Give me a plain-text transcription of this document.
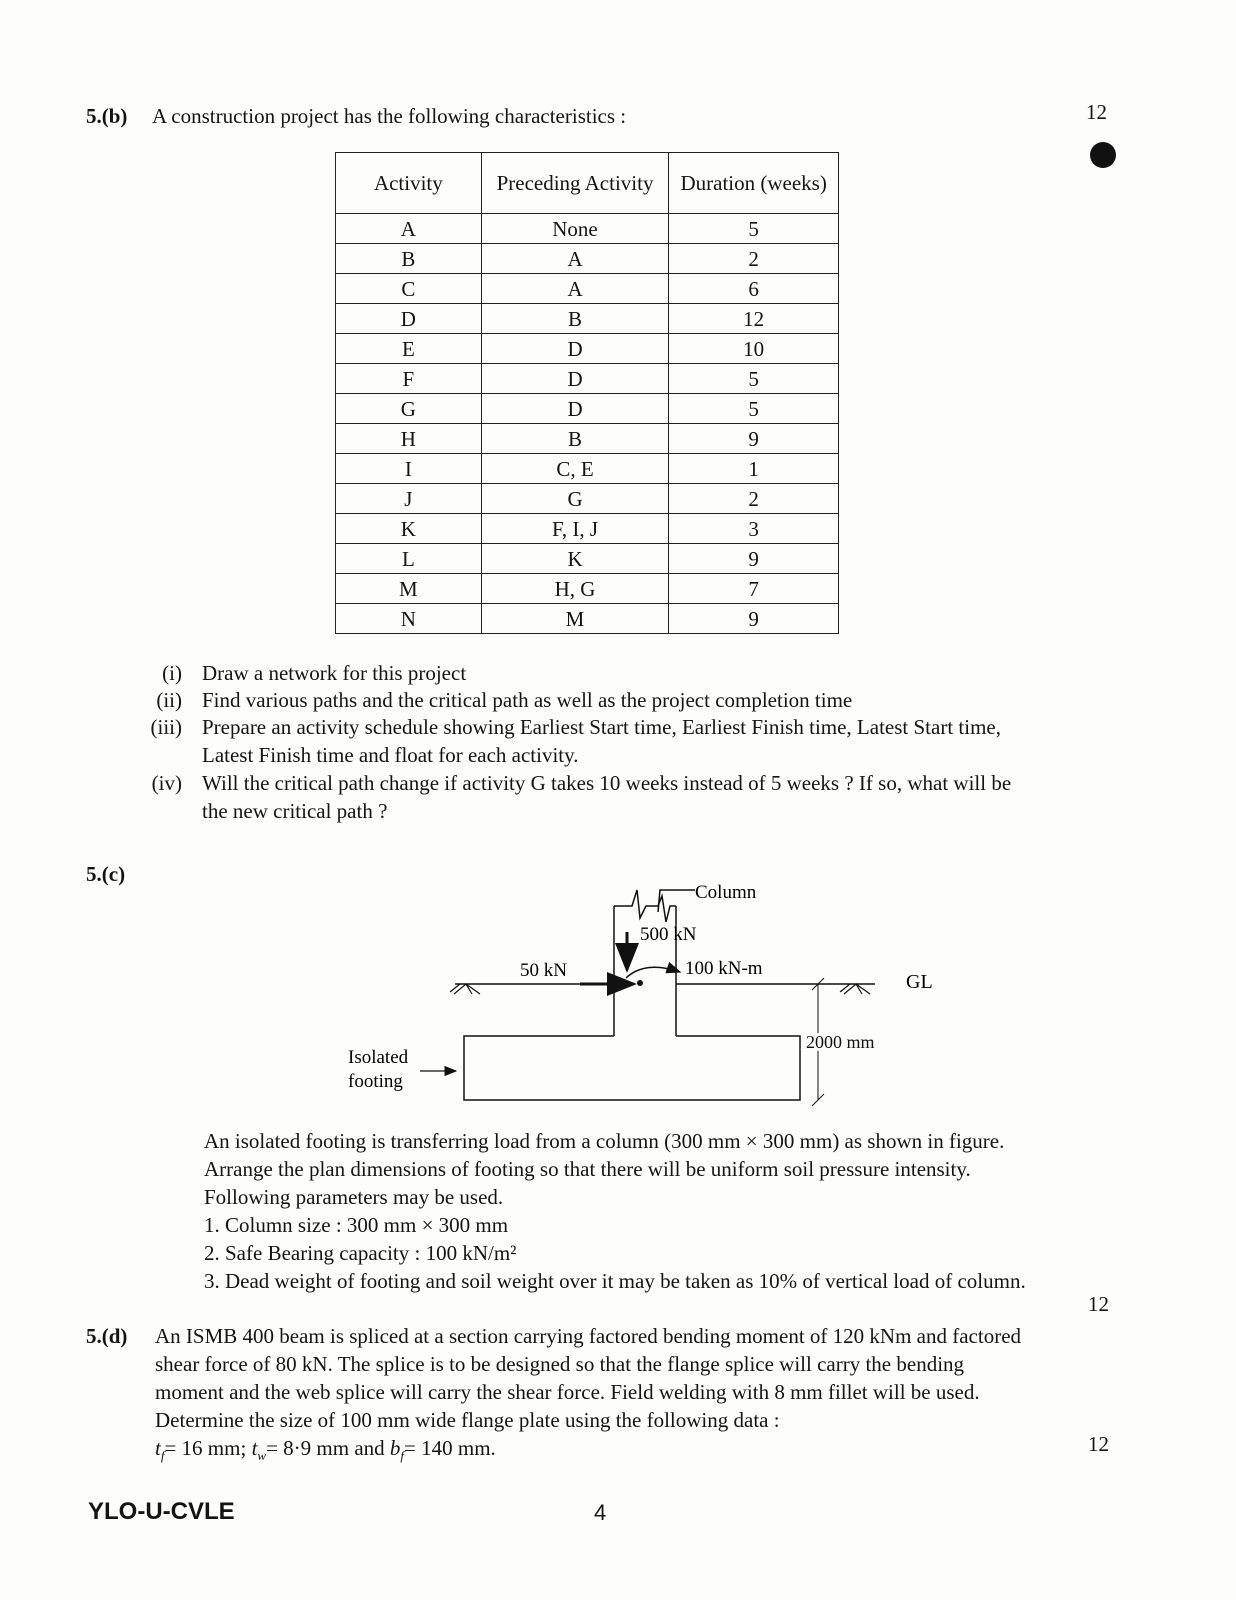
5.(b) A construction project has the following characteristics :	12
Activity	Preceding Activity	Duration (weeks)
A	None	5
B	A	2
C	A	6
D	B	12
E	D	10
F	D	5
G	D	5
H	B	9
I	C, E	1
J	G	2
K	F, I, J	3
L	K	9
M	H, G	7
N	M	9
(i) Draw a network for this project
(ii) Find various paths and the critical path as well as the project completion time
(iii) Prepare an activity schedule showing Earliest Start time, Earliest Finish time, Latest Start time,
Latest Finish time and float for each activity.
(iv) Will the critical path change if activity G takes 10 weeks instead of 5 weeks ? If so, what will be
the new critical path ?
5.(c)
Column
500 kN
GL
50 kN	100 kN-m
2000 mm
Isolated
footing
An isolated footing is transferring load from a column (300 mm × 300 mm) as shown in figure.
Arrange the plan dimensions of footing so that there will be uniform soil pressure intensity.
Following parameters may be used.
1. Column size : 300 mm × 300 mm
2. Safe Bearing capacity : 100 kN/m²
3. Dead weight of footing and soil weight over it may be taken as 10% of vertical load of column.
12
5.(d) An ISMB 400 beam is spliced at a section carrying factored bending moment of 120 kNm and factored
shear force of 80 kN. The splice is to be designed so that the flange splice will carry the bending
moment and the web splice will carry the shear force. Field welding with 8 mm fillet will be used.
Determine the size of 100 mm wide flange plate using the following data :
$t_f= 16$ mm; $t_w= 8\cdot 9$ mm and $b_f= 140$ mm.	12
YLO-U-CVLE	4
